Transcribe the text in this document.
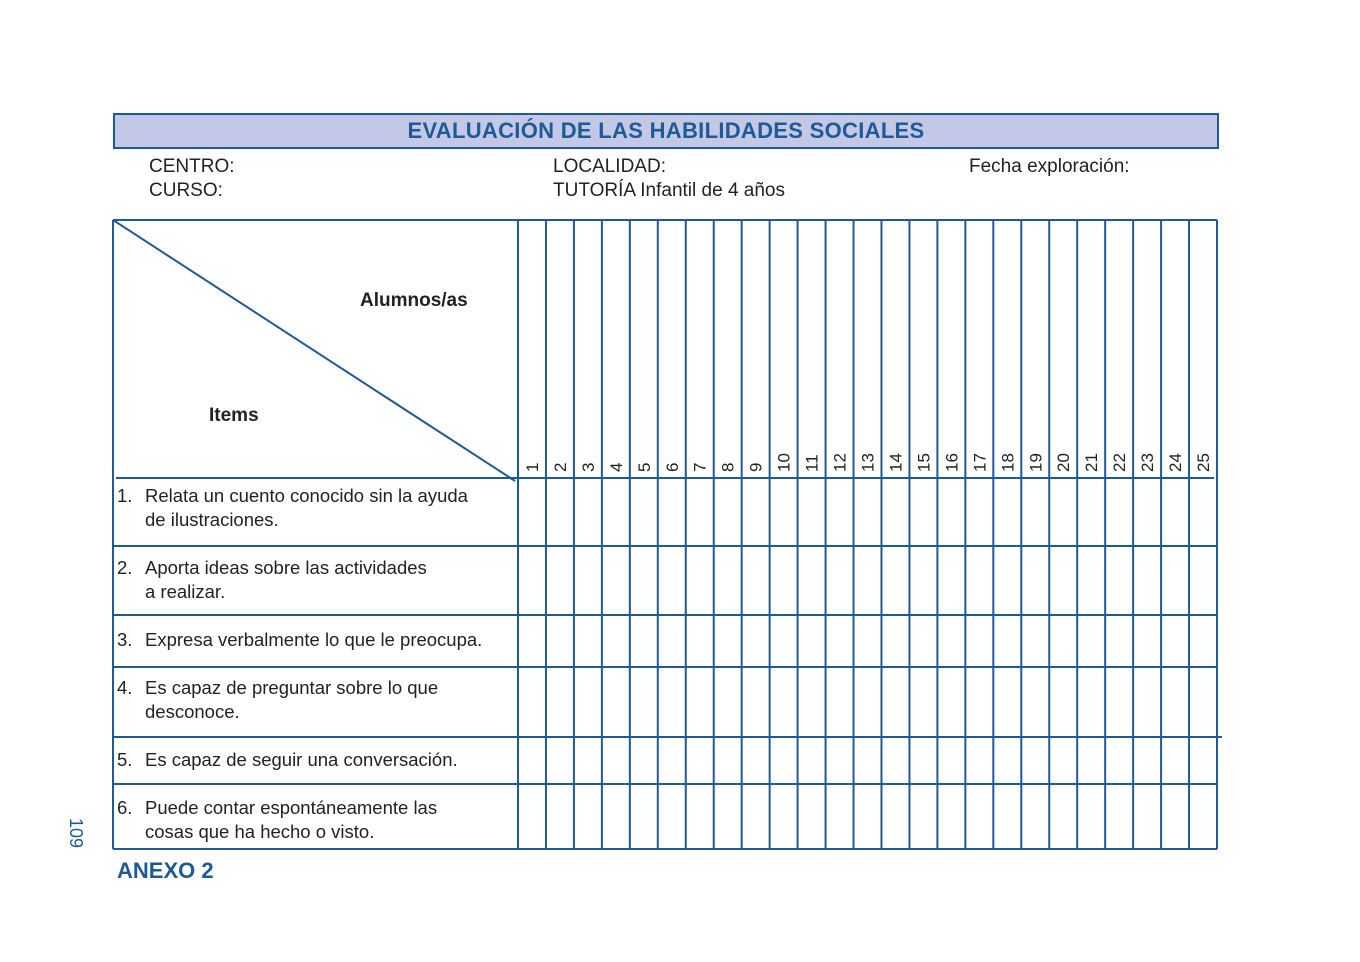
EVALUACIÓN DE LAS HABILIDADES SOCIALES
CENTRO:
CURSO:
LOCALIDAD:
TUTORÍA Infantil de 4 años
Fecha exploración:
1 2 3 4 5 6 7 8 9 10 11 12 13 14 15 16 17 18 19 20 21 22 23 24 25
Alumnos/as
Items
1. Relata un cuento conocido sin la ayuda
de ilustraciones.
2. Aporta ideas sobre las actividades
a realizar.
3. Expresa verbalmente lo que le preocupa.
4. Es capaz de preguntar sobre lo que
desconoce.
5. Es capaz de seguir una conversación.
6. Puede contar espontáneamente las
cosas que ha hecho o visto.
109
ANEXO 2
